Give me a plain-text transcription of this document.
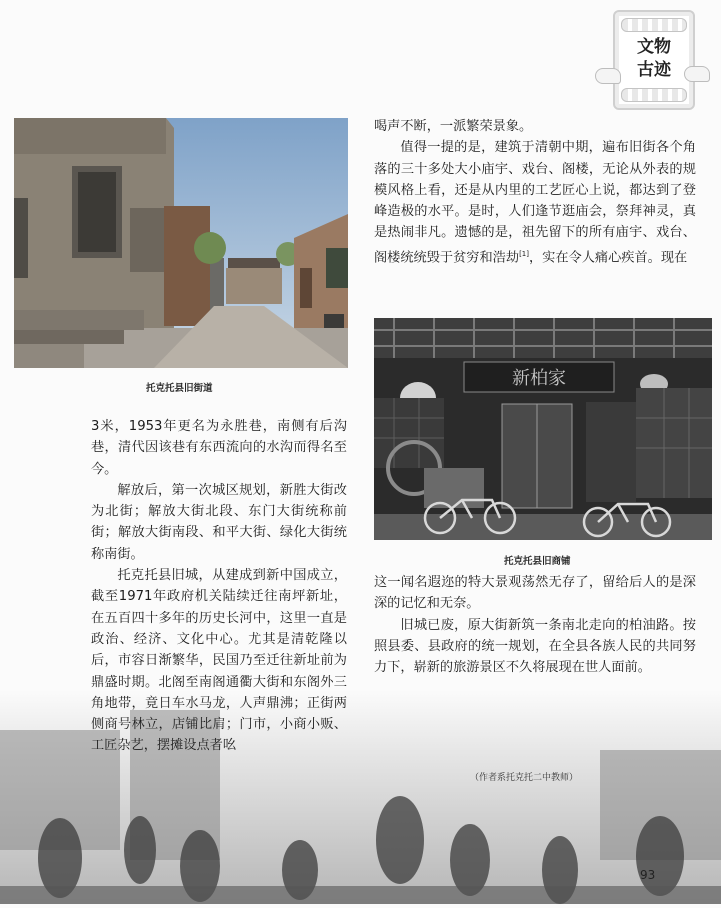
文物
古迹
托克托县旧街道

喝声不断，一派繁荣景象。

值得一提的是，建筑于清朝中期，遍布旧街各个角落的三十多处大小庙宇、戏台、阁楼，无论从外表的规模风格上看，还是从内里的工艺匠心上说，都达到了登峰造极的水平。是时，人们逢节逛庙会，祭拜神灵，真是热闹非凡。遗憾的是，祖先留下的所有庙宇、戏台、阁楼统统毁于贫穷和浩劫[1]，实在令人痛心疾首。现在

新柏家
托克托县旧商铺

这一闻名遐迩的特大景观荡然无存了，留给后人的是深深的记忆和无奈。

旧城已废，原大街新筑一条南北走向的柏油路。按照县委、县政府的统一规划，在全县各族人民的共同努力下，崭新的旅游景区不久将展现在世人面前。

3米，1953年更名为永胜巷，南侧有后沟巷，清代因该巷有东西流向的水沟而得名至今。

解放后，第一次城区规划，新胜大街改为北街；解放大街北段、东门大街统称前街；解放大街南段、和平大街、绿化大街统称南街。

托克托县旧城，从建成到新中国成立，截至1971年政府机关陆续迁往南坪新址，在五百四十多年的历史长河中，这里一直是政治、经济、文化中心。尤其是清乾隆以后，市容日渐繁华，民国乃至迁往新址前为鼎盛时期。北阁至南阁通衢大街和东阁外三角地带，竟日车水马龙，人声鼎沸；正街两侧商号林立，店铺比肩；门市，小商小贩、工匠杂艺，摆摊设点者吆

（作者系托克托二中教师）
93
